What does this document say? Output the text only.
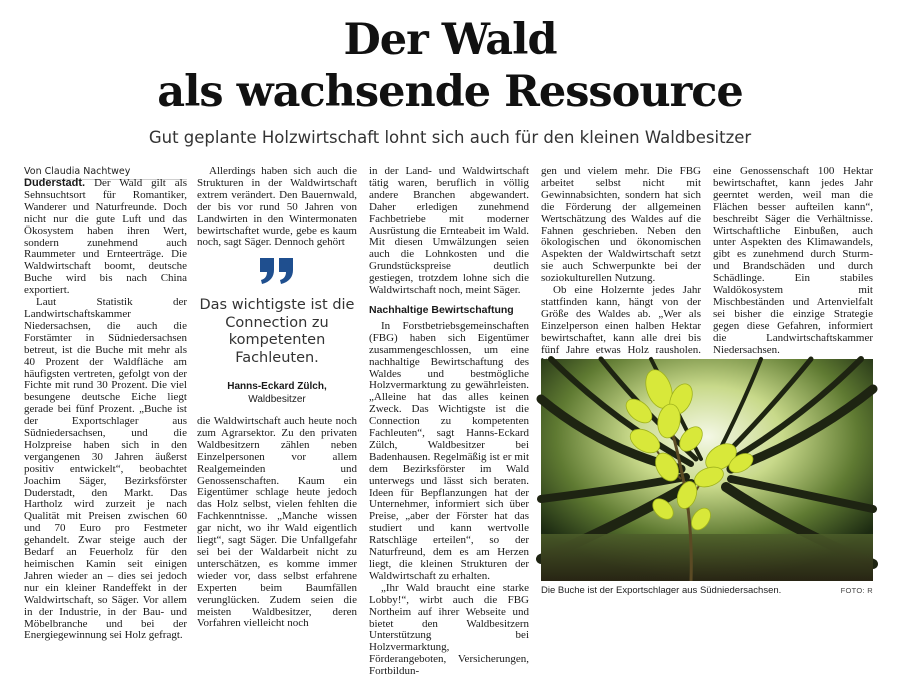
Der Wald
als wachsende Ressource
Gut geplante Holzwirtschaft lohnt sich auch für den kleinen Waldbesitzer
Von Claudia Nachtwey

Duderstadt. Der Wald gilt als Sehnsuchtsort für Romantiker, Wanderer und Naturfreunde. Doch nicht nur die gute Luft und das Ökosystem haben ihren Wert, sondern zunehmend auch Raummeter und Ernteerträge. Die Waldwirtschaft boomt, deutsche Buche wird bis nach China exportiert.

Laut Statistik der Landwirtschaftskammer Niedersachsen, die auch die Forstämter in Südniedersachsen betreut, ist die Buche mit mehr als 40 Prozent der Waldfläche am häufigsten vertreten, gefolgt von der Fichte mit rund 30 Prozent. Die viel besungene deutsche Eiche liegt gerade bei fünf Prozent. „Buche ist der Exportschlager aus Südniedersachsen, und die Holzpreise haben sich in den vergangenen 30 Jahren äußerst positiv entwickelt“, beobachtet Joachim Säger, Bezirksförster Duderstadt, den Markt. Das Hartholz wird zurzeit je nach Qualität mit Preisen zwischen 60 und 70 Euro pro Festmeter gehandelt. Zwar steige auch der Bedarf an Feuerholz für den heimischen Kamin seit einigen Jahren wieder an – dies sei jedoch nur ein kleiner Randeffekt in der Waldwirtschaft, so Säger. Vor allem in der Industrie, in der Bau- und Möbelbranche und bei der Energiegewinnung sei Holz gefragt.

Allerdings haben sich auch die Strukturen in der Waldwirtschaft extrem verändert. Den Bauernwald, der bis vor rund 50 Jahren von Landwirten in den Wintermonaten bewirtschaftet wurde, gebe es kaum noch, sagt Säger. Dennoch gehört

Das wichtigste ist die Connection zu kompetenten Fachleuten.
Hanns-Eckard Zülch,
Waldbesitzer

die Waldwirtschaft auch heute noch zum Agrarsektor. Zu den privaten Waldbesitzern zählen neben Einzelpersonen vor allem Realgemeinden und Genossenschaften. Kaum ein Eigentümer schlage heute jedoch das Holz selbst, vielen fehlten die Fachkenntnisse. „Manche wissen gar nicht, wo ihr Wald eigentlich liegt“, sagt Säger. Die Unfallgefahr sei bei der Waldarbeit nicht zu unterschätzen, es komme immer wieder vor, dass selbst erfahrene Experten beim Baumfällen verunglücken. Zudem seien die meisten Waldbesitzer, deren Vorfahren vielleicht noch

in der Land- und Waldwirtschaft tätig waren, beruflich in völlig andere Branchen abgewandert. Daher erledigen zunehmend Fachbetriebe mit moderner Ausrüstung die Ernteabeit im Wald. Mit diesen Umwälzungen seien auch die Lohnkosten und die Grundstückspreise deutlich gestiegen, trotzdem lohne sich die Waldwirtschaft noch, meint Säger.

Nachhaltige Bewirtschaftung

In Forstbetriebsgemeinschaften (FBG) haben sich Eigentümer zusammengeschlossen, um eine nachhaltige Bewirtschaftung des Waldes und bestmögliche Holzvermarktung zu gewährleisten. „Alleine hat das alles keinen Zweck. Das Wichtigste ist die Connection zu kompetenten Fachleuten“, sagt Hanns-Eckard Zülch, Waldbesitzer bei Badenhausen. Regelmäßig ist er mit dem Bezirksförster im Wald unterwegs und lässt sich beraten. Ideen für Bepflanzungen hat der Unternehmer, informiert sich über Preise, „aber der Förster hat das studiert und kann wertvolle Ratschläge erteilen“, so der Naturfreund, dem es am Herzen liegt, die kleinen Strukturen der Waldwirtschaft zu erhalten.

„Ihr Wald braucht eine starke Lobby!“, wirbt auch die FBG Northeim auf ihrer Webseite und bietet den Waldbesitzern Unterstützung bei Holzvermarktung, Förderangeboten, Versicherungen, Fortbildun-

gen und vielem mehr. Die FBG arbeitet selbst nicht mit Gewinnabsichten, sondern hat sich die Förderung der allgemeinen Wertschätzung des Waldes auf die Fahnen geschrieben. Neben den ökologischen und ökonomischen Aspekten der Waldwirtschaft setzt sie auch Schwerpunkte bei der soziokulturellen Nutzung.

Ob eine Holzernte jedes Jahr stattfinden kann, hängt von der Größe des Waldes ab. „Wer als Einzelperson einen halben Hektar bewirtschaftet, kann alle drei bis fünf Jahre etwas Holz rausholen.

eine Genossenschaft 100 Hektar bewirtschaftet, kann jedes Jahr geerntet werden, weil man die Flächen besser aufteilen kann“, beschreibt Säger die Verhältnisse. Wirtschaftliche Einbußen, auch unter Aspekten des Klimawandels, gibt es zunehmend durch Sturm- und Brandschäden und durch Schädlinge. Ein stabiles Waldökosystem mit Mischbeständen und Artenvielfalt sei bisher die einzige Strategie gegen diese Gefahren, informiert die Landwirtschaftskammer Niedersachsen.

Die Buche ist der Exportschlager aus Südniedersachsen.	FOTO: R
